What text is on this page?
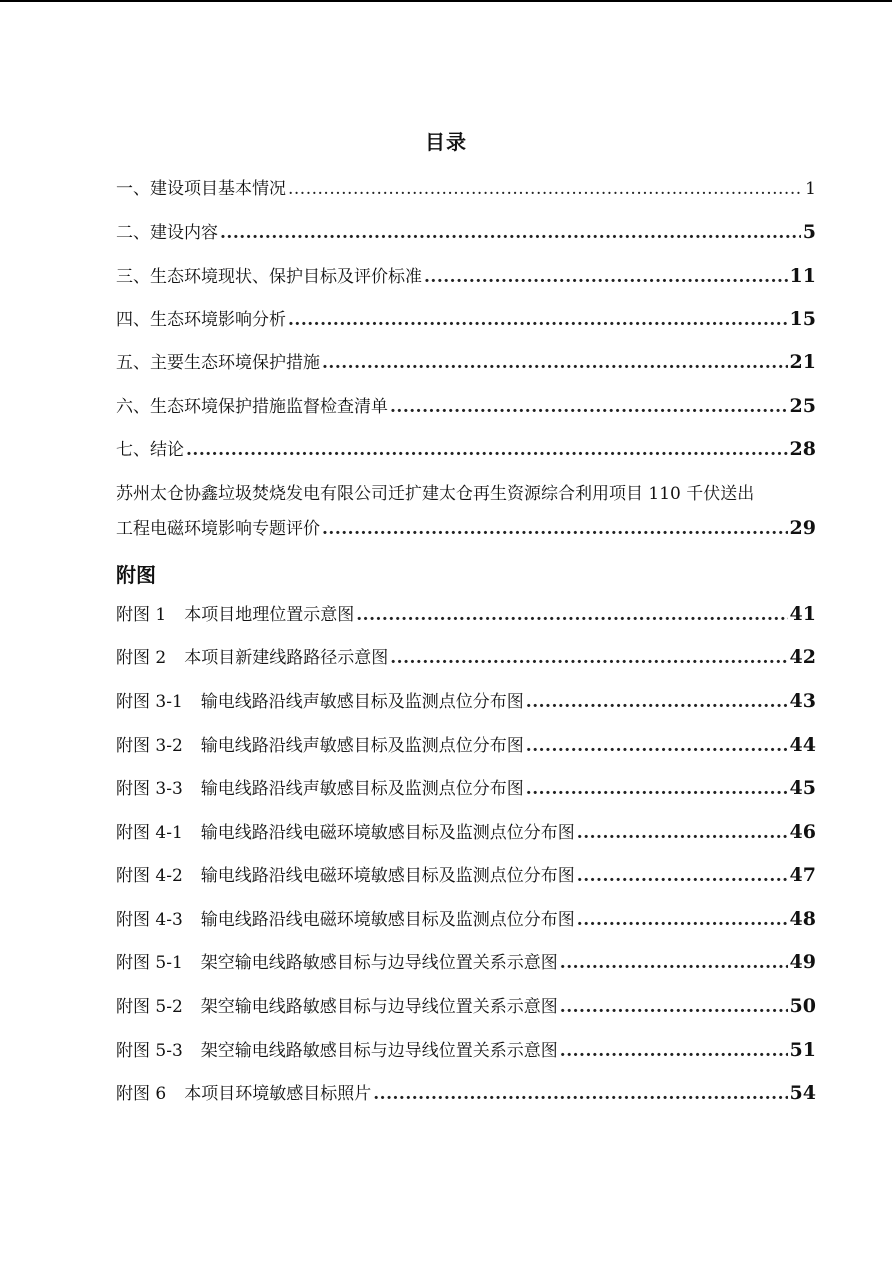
目录
一、建设项目基本情况 .....	1
二、建设内容 .....	5
三、生态环境现状、保护目标及评价标准 .....	11
四、生态环境影响分析 .....	15
五、主要生态环境保护措施 .....	21
六、生态环境保护措施监督检查清单 .....	25
七、结论 .....	28
苏州太仓协鑫垃圾焚烧发电有限公司迁扩建太仓再生资源综合利用项目 110 千伏送出
工程电磁环境影响专题评价 .....	29
附图
附图 1 本项目地理位置示意图 .....	41
附图 2 本项目新建线路路径示意图 .....	42
附图 3-1 输电线路沿线声敏感目标及监测点位分布图 .....	43
附图 3-2 输电线路沿线声敏感目标及监测点位分布图 .....	44
附图 3-3 输电线路沿线声敏感目标及监测点位分布图 .....	45
附图 4-1 输电线路沿线电磁环境敏感目标及监测点位分布图 .....	46
附图 4-2 输电线路沿线电磁环境敏感目标及监测点位分布图 .....	47
附图 4-3 输电线路沿线电磁环境敏感目标及监测点位分布图 .....	48
附图 5-1 架空输电线路敏感目标与边导线位置关系示意图 .....	49
附图 5-2 架空输电线路敏感目标与边导线位置关系示意图 .....	50
附图 5-3 架空输电线路敏感目标与边导线位置关系示意图 .....	51
附图 6 本项目环境敏感目标照片 .....	54
